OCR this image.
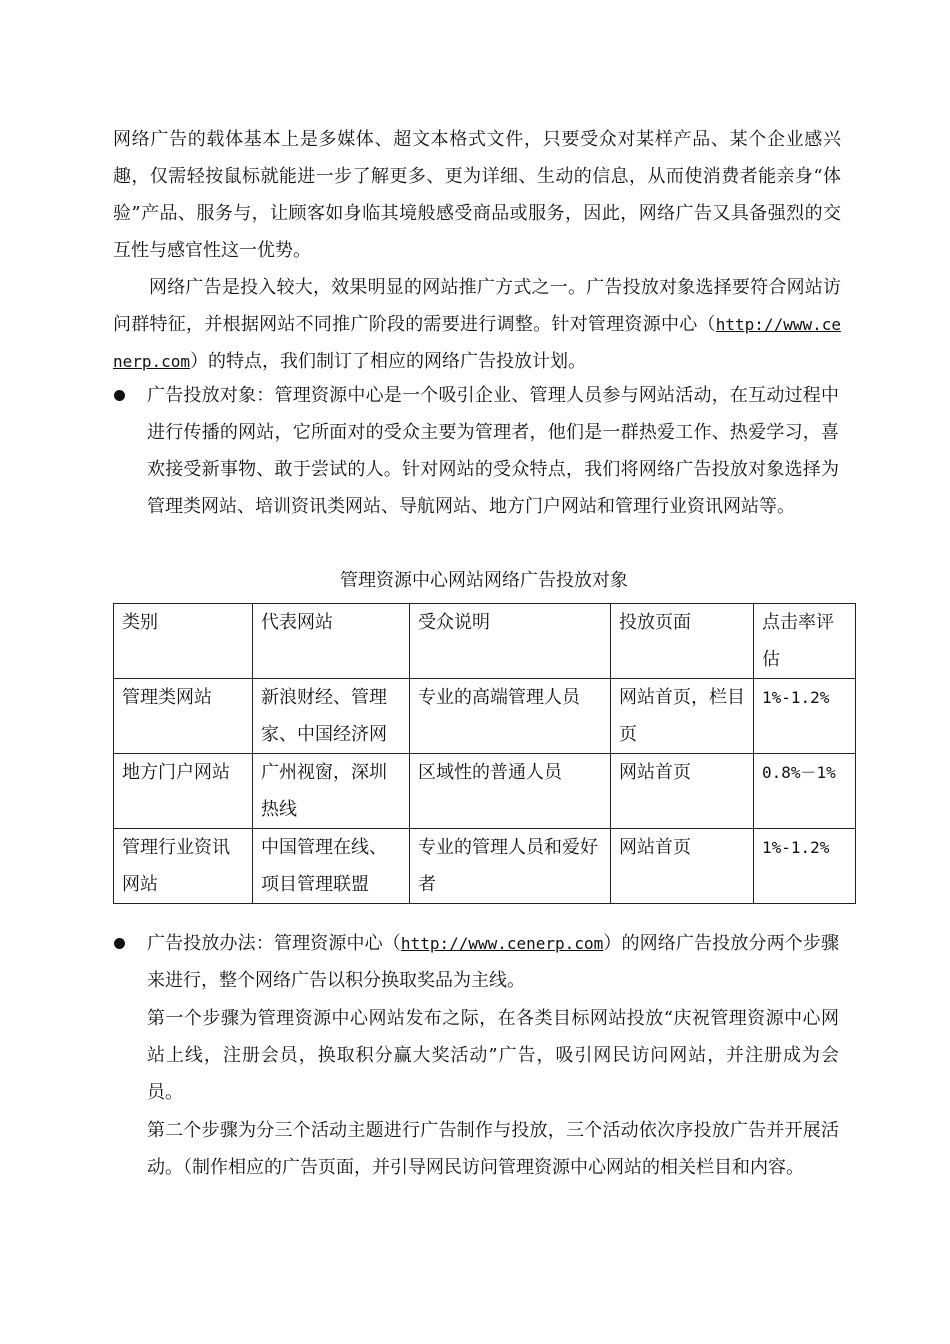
网络广告的载体基本上是多媒体、超文本格式文件，只要受众对某样产品、某个企业感兴趣，仅需轻按鼠标就能进一步了解更多、更为详细、生动的信息，从而使消费者能亲身“体验”产品、服务与，让顾客如身临其境般感受商品或服务，因此，网络广告又具备强烈的交互性与感官性这一优势。

网络广告是投入较大，效果明显的网站推广方式之一。广告投放对象选择要符合网站访问群特征，并根据网站不同推广阶段的需要进行调整。针对管理资源中心（http://www.cenerp.com）的特点，我们制订了相应的网络广告投放计划。

广告投放对象：管理资源中心是一个吸引企业、管理人员参与网站活动，在互动过程中进行传播的网站，它所面对的受众主要为管理者，他们是一群热爱工作、热爱学习，喜欢接受新事物、敢于尝试的人。针对网站的受众特点，我们将网络广告投放对象选择为管理类网站、培训资讯类网站、导航网站、地方门户网站和管理行业资讯网站等。

管理资源中心网站网络广告投放对象
类别	代表网站	受众说明	投放页面	点击率评估
管理类网站	新浪财经、管理家、中国经济网	专业的高端管理人员	网站首页，栏目页	1%-1.2%
地方门户网站	广州视窗，深圳热线	区域性的普通人员	网站首页	0.8%－1%
管理行业资讯网站	中国管理在线、项目管理联盟	专业的管理人员和爱好者	网站首页	1%-1.2%

广告投放办法：管理资源中心（http://www.cenerp.com）的网络广告投放分两个步骤来进行，整个网络广告以积分换取奖品为主线。

第一个步骤为管理资源中心网站发布之际，在各类目标网站投放“庆祝管理资源中心网站上线，注册会员，换取积分赢大奖活动”广告，吸引网民访问网站，并注册成为会员。

第二个步骤为分三个活动主题进行广告制作与投放，三个活动依次序投放广告并开展活动。（制作相应的广告页面，并引导网民访问管理资源中心网站的相关栏目和内容。
